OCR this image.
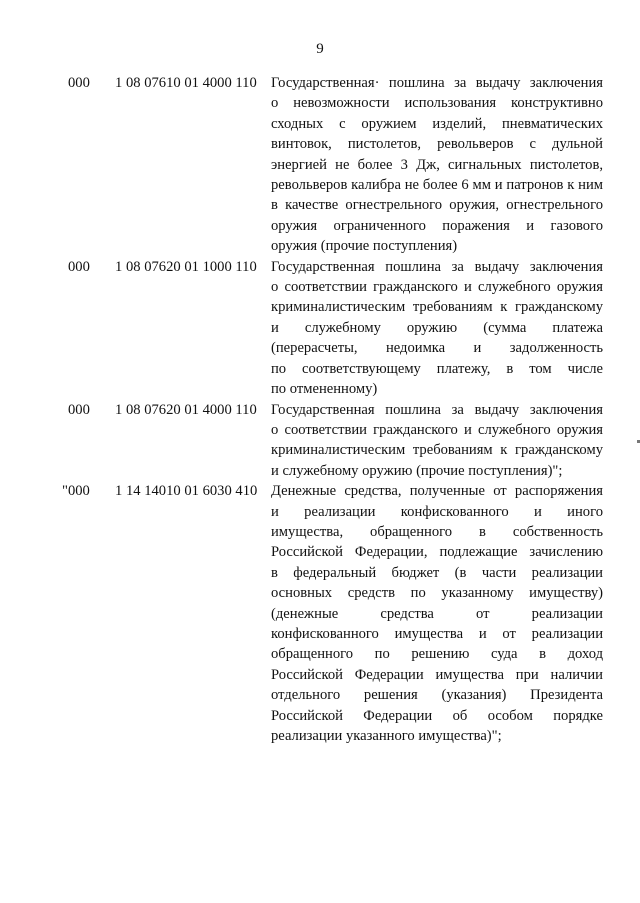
9
000 1 08 07610 01 4000 110 Государственная· пошлина за выдачу заключения
о невозможности использования конструктивно
сходных с оружием изделий, пневматических
винтовок, пистолетов, револьверов с дульной
энергией не более 3 Дж, сигнальных пистолетов,
револьверов калибра не более 6 мм и патронов к ним
в качестве огнестрельного оружия, огнестрельного
оружия ограниченного поражения и газового
оружия (прочие поступления)
000 1 08 07620 01 1000 110 Государственная пошлина за выдачу заключения
о соответствии гражданского и служебного оружия
криминалистическим требованиям к гражданскому
и служебному оружию (сумма платежа
(перерасчеты, недоимка и задолженность
по соответствующему платежу, в том числе
по отмененному)
000 1 08 07620 01 4000 110 Государственная пошлина за выдачу заключения
о соответствии гражданского и служебного оружия
криминалистическим требованиям к гражданскому
и служебному оружию (прочие поступления)";
"000 1 14 14010 01 6030 410 Денежные средства, полученные от распоряжения
и реализации конфискованного и иного
имущества, обращенного в собственность
Российской Федерации, подлежащие зачислению
в федеральный бюджет (в части реализации
основных средств по указанному имуществу)
(денежные средства от реализации
конфискованного имущества и от реализации
обращенного по решению суда в доход
Российской Федерации имущества при наличии
отдельного решения (указания) Президента
Российской Федерации об особом порядке
реализации указанного имущества)";
